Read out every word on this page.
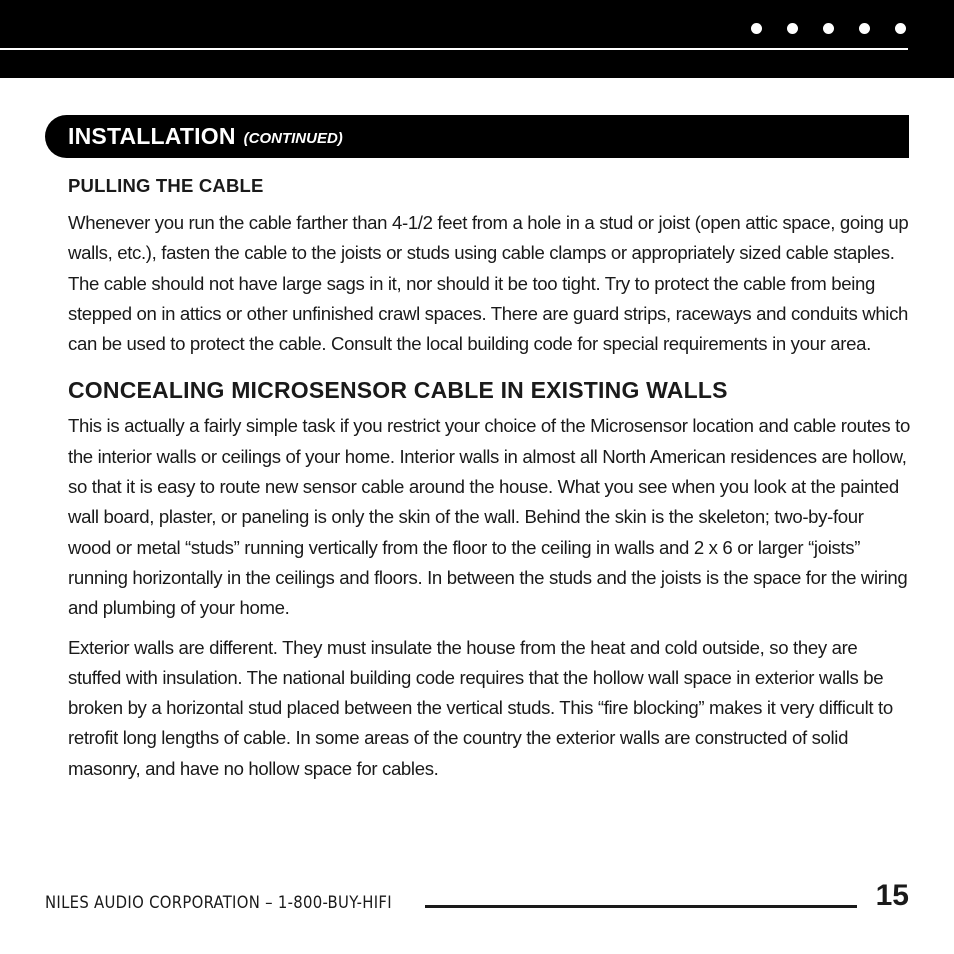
INSTALLATION (CONTINUED)
PULLING THE CABLE

Whenever you run the cable farther than 4-1/2 feet from a hole in a stud or joist (open attic space, going up walls, etc.), fasten the cable to the joists or studs using cable clamps or appropriately sized cable staples. The cable should not have large sags in it, nor should it be too tight. Try to protect the cable from being stepped on in attics or other unfinished crawl spaces. There are guard strips, raceways and conduits which can be used to protect the cable. Consult the local building code for special requirements in your area.

CONCEALING MICROSENSOR CABLE IN EXISTING WALLS

This is actually a fairly simple task if you restrict your choice of the Microsensor location and cable routes to the interior walls or ceilings of your home. Interior walls in almost all North American residences are hollow, so that it is easy to route new sensor cable around the house. What you see when you look at the painted wall board, plaster, or paneling is only the skin of the wall. Behind the skin is the skeleton; two-by-four wood or metal “studs” running vertically from the floor to the ceiling in walls and 2 x 6 or larger “joists” running horizontally in the ceilings and floors. In between the studs and the joists is the space for the wiring and plumbing of your home.

Exterior walls are different. They must insulate the house from the heat and cold outside, so they are stuffed with insulation. The national building code requires that the hollow wall space in exterior walls be broken by a horizontal stud placed between the vertical studs. This “fire blocking” makes it very difficult to retrofit long lengths of cable. In some areas of the country the exterior walls are constructed of solid masonry, and have no hollow space for cables.

NILES AUDIO CORPORATION – 1-800-BUY-HIFI	15
